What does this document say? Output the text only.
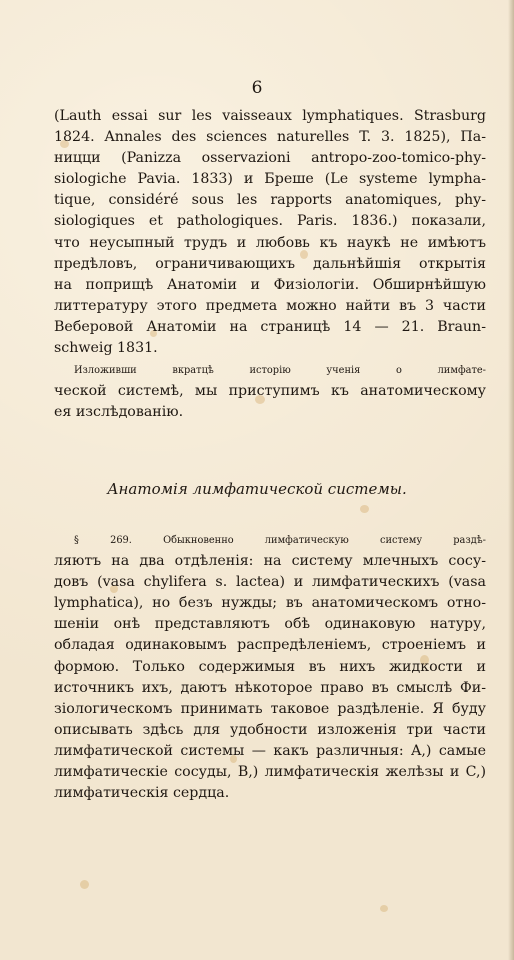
6
(Lauth essai sur les vaisseaux lymphatiques. Strasburg
1824. Annales des sciences naturelles T. 3. 1825), Па-
ницци (Panizza osservazioni antropo-zoo-tomico-phy-
siologiche Pavia. 1833) и Бреше (Le systeme lympha-
tique, considéré sous les rapports anatomiques, phy-
siologiques et pathologiques. Paris. 1836.) показали,
что неусыпный трудъ и любовь къ наукѣ не имѣютъ
предѣловъ, ограничивающихъ дальнѣйшія открытія
на поприщѣ Анатоміи и Физіологіи. Обширнѣйшую
литтературу этого предмета можно найти въ 3 части
Веберовой Анатоміи на страницѣ 14 — 21. Braun-
schweig 1831.
Изложивши вкратцѣ исторію ученія о лимфате-
ческой системѣ, мы приступимъ къ анатомическому
ея изслѣдованію.
Анатомія лимфатической системы.
§ 269. Обыкновенно лимфатическую систему раздѣ-
ляютъ на два отдѣленія: на систему млечныхъ сосу-
довъ (vasa chylifera s. lactea) и лимфатическихъ (vasa
lymphatica), но безъ нужды; въ анатомическомъ отно-
шеніи онѣ представляютъ обѣ одинаковую натуру,
обладая одинаковымъ распредѣленіемъ, строеніемъ и
формою. Только содержимыя въ нихъ жидкости и
источникъ ихъ, даютъ нѣкоторое право въ смыслѣ Фи-
зіологическомъ принимать таковое раздѣленіе. Я буду
описывать здѣсь для удобности изложенія три части
лимфатической системы — какъ различныя: A,) самые
лимфатическіе сосуды, B,) лимфатическія желѣзы и C,)
лимфатическія сердца.
